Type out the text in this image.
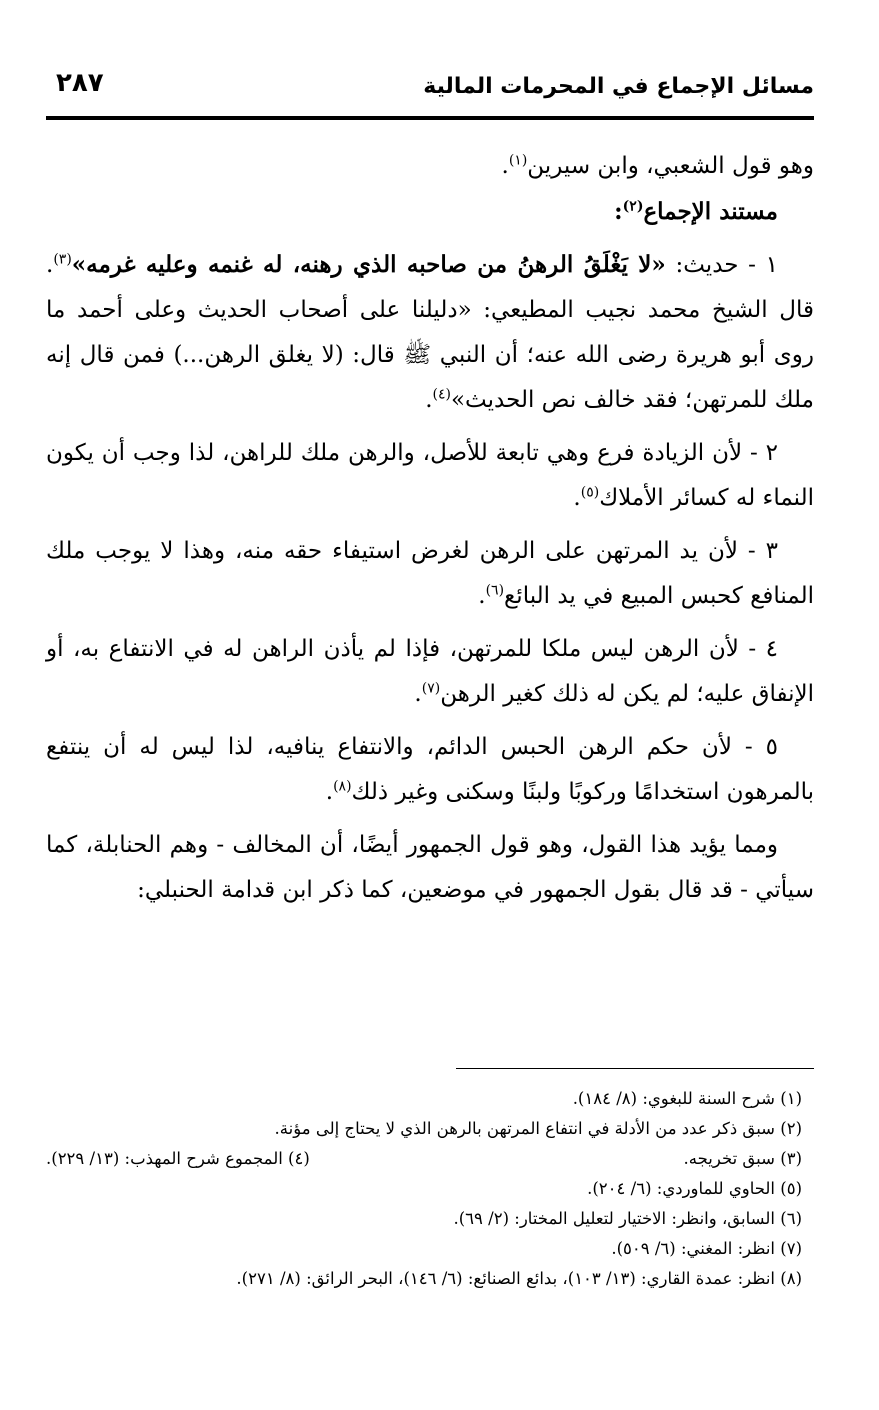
مسائل الإجماع في المحرمات المالية
٢٨٧

وهو قول الشعبي، وابن سيرين$^{(١)}$.

مستند الإجماع$^{(٢)}$:

١ - حديث: «لا يَغْلَقُ الرهنُ من صاحبه الذي رهنه، له غنمه وعليه غرمه»$^{(٣)}$. قال الشيخ محمد نجيب المطيعي: «دليلنا على أصحاب الحديث وعلى أحمد ما روى أبو هريرة رضى الله عنه؛ أن النبي ﷺ قال: (لا يغلق الرهن...) فمن قال إنه ملك للمرتهن؛ فقد خالف نص الحديث»$^{(٤)}$.

٢ - لأن الزيادة فرع وهي تابعة للأصل، والرهن ملك للراهن، لذا وجب أن يكون النماء له كسائر الأملاك$^{(٥)}$.

٣ - لأن يد المرتهن على الرهن لغرض استيفاء حقه منه، وهذا لا يوجب ملك المنافع كحبس المبيع في يد البائع$^{(٦)}$.

٤ - لأن الرهن ليس ملكا للمرتهن، فإذا لم يأذن الراهن له في الانتفاع به، أو الإنفاق عليه؛ لم يكن له ذلك كغير الرهن$^{(٧)}$.

٥ - لأن حكم الرهن الحبس الدائم، والانتفاع ينافيه، لذا ليس له أن ينتفع بالمرهون استخدامًا وركوبًا ولبنًا وسكنى وغير ذلك$^{(٨)}$.

ومما يؤيد هذا القول، وهو قول الجمهور أيضًا، أن المخالف - وهم الحنابلة، كما سيأتي - قد قال بقول الجمهور في موضعين، كما ذكر ابن قدامة الحنبلي:

(١) شرح السنة للبغوي: (٨/ ١٨٤).

(٢) سبق ذكر عدد من الأدلة في انتفاع المرتهن بالرهن الذي لا يحتاج إلى مؤنة.

(٣) سبق تخريجه.
(٤) المجموع شرح المهذب: (١٣/ ٢٢٩).

(٥) الحاوي للماوردي: (٦/ ٢٠٤).

(٦) السابق، وانظر: الاختيار لتعليل المختار: (٢/ ٦٩).

(٧) انظر: المغني: (٦/ ٥٠٩).

(٨) انظر: عمدة القاري: (١٣/ ١٠٣)، بدائع الصنائع: (٦/ ١٤٦)، البحر الرائق: (٨/ ٢٧١).
